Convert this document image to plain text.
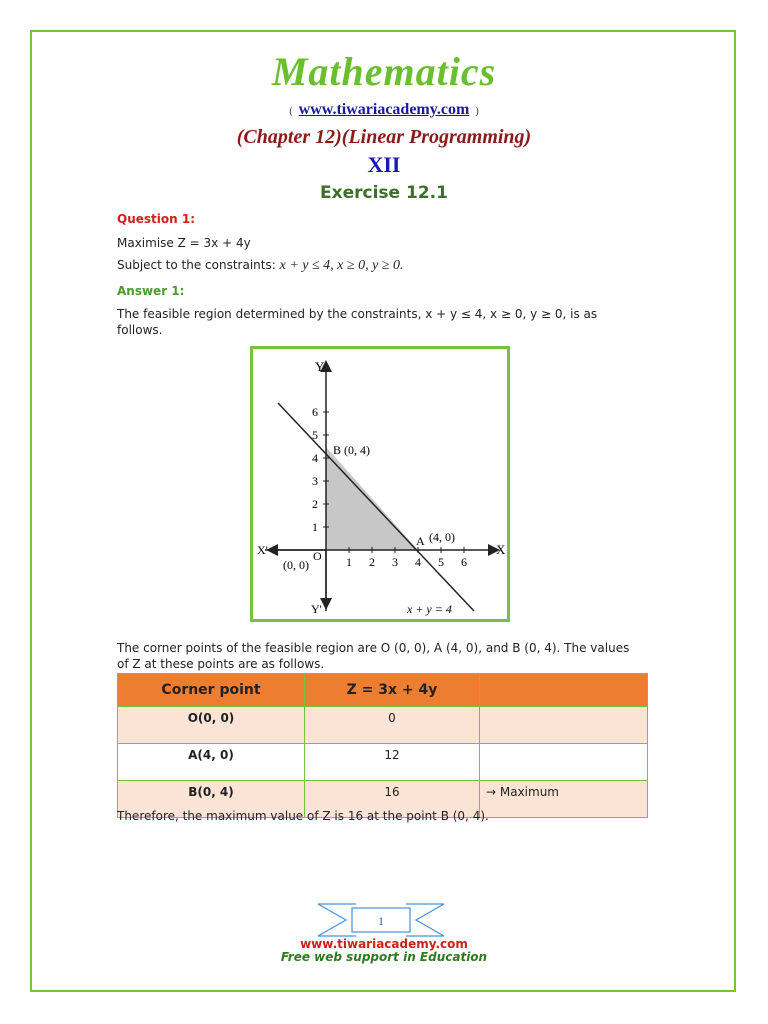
Mathematics
( www.tiwariacademy.com )
(Chapter 12)(Linear Programming)
XII
Exercise 12.1
Question 1:
Maximise Z = 3x + 4y
Subject to the constraints: x + y ≤ 4, x ≥ 0, y ≥ 0.
Answer 1:
The feasible region determined by the constraints, x + y ≤ 4, x ≥ 0, y ≥ 0, is as follows.
1 2 3 4 5 6
1
2
3
4
5
6
Y
Y'
X
X'	O
(0, 0)
B (0, 4)
A (4, 0)
x + y = 4
The corner points of the feasible region are O (0, 0), A (4, 0), and B (0, 4). The values of Z at these points are as follows.
Corner point	Z = 3x + 4y	
O(0, 0)	0	
A(4, 0)	12	
B(0, 4)	16	→ Maximum
Therefore, the maximum value of Z is 16 at the point B (0, 4).
1
www.tiwariacademy.com
Free web support in Education
